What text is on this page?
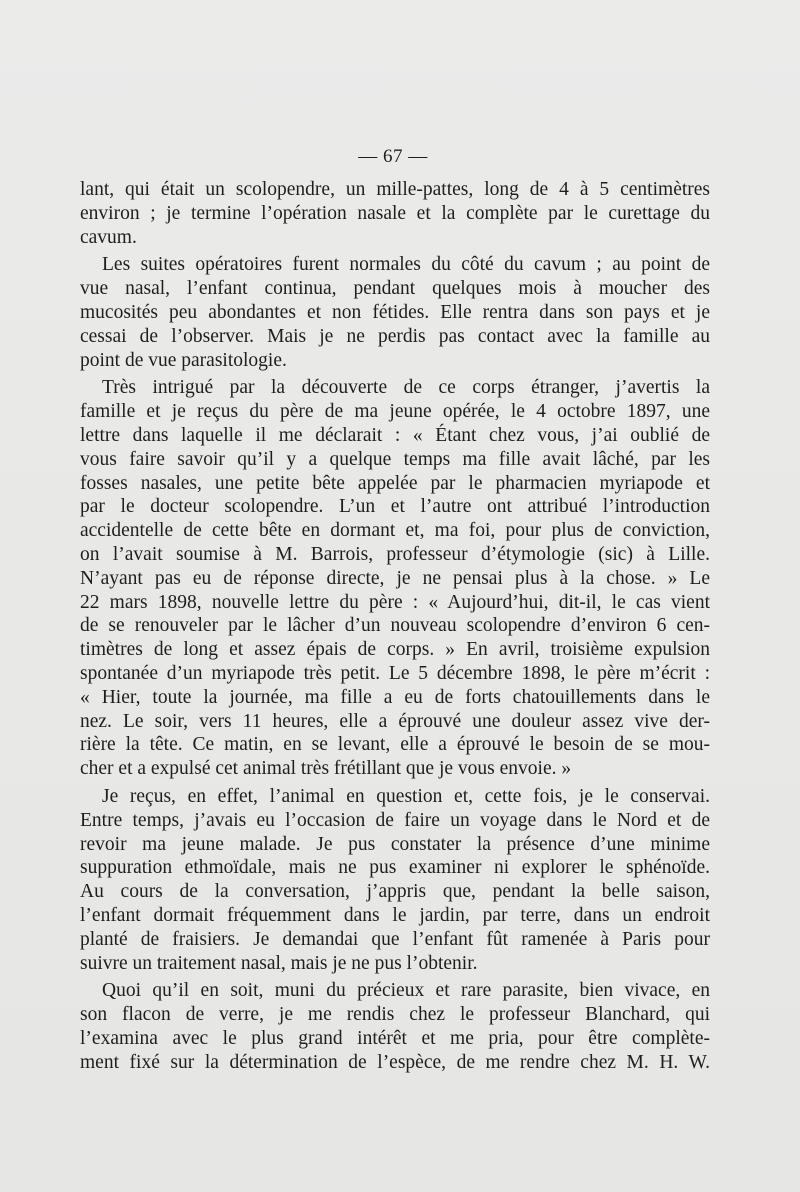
— 67 —

lant, qui était un scolopendre, un mille-pattes, long de 4 à 5 centimètres
environ ; je termine l’opération nasale et la complète par le curettage du
cavum.

Les suites opératoires furent normales du côté du cavum ; au point de
vue nasal, l’enfant continua, pendant quelques mois à moucher des
mucosités peu abondantes et non fétides. Elle rentra dans son pays et je
cessai de l’observer. Mais je ne perdis pas contact avec la famille au
point de vue parasitologie.

Très intrigué par la découverte de ce corps étranger, j’avertis la
famille et je reçus du père de ma jeune opérée, le 4 octobre 1897, une
lettre dans laquelle il me déclarait : « Étant chez vous, j’ai oublié de
vous faire savoir qu’il y a quelque temps ma fille avait lâché, par les
fosses nasales, une petite bête appelée par le pharmacien myriapode et
par le docteur scolopendre. L’un et l’autre ont attribué l’introduction
accidentelle de cette bête en dormant et, ma foi, pour plus de conviction,
on l’avait soumise à M. Barrois, professeur d’étymologie (sic) à Lille.
N’ayant pas eu de réponse directe, je ne pensai plus à la chose. » Le
22 mars 1898, nouvelle lettre du père : « Aujourd’hui, dit-il, le cas vient
de se renouveler par le lâcher d’un nouveau scolopendre d’environ 6 cen-
timètres de long et assez épais de corps. » En avril, troisième expulsion
spontanée d’un myriapode très petit. Le 5 décembre 1898, le père m’écrit :
« Hier, toute la journée, ma fille a eu de forts chatouillements dans le
nez. Le soir, vers 11 heures, elle a éprouvé une douleur assez vive der-
rière la tête. Ce matin, en se levant, elle a éprouvé le besoin de se mou-
cher et a expulsé cet animal très frétillant que je vous envoie. »

Je reçus, en effet, l’animal en question et, cette fois, je le conservai.
Entre temps, j’avais eu l’occasion de faire un voyage dans le Nord et de
revoir ma jeune malade. Je pus constater la présence d’une minime
suppuration ethmoïdale, mais ne pus examiner ni explorer le sphénoïde.
Au cours de la conversation, j’appris que, pendant la belle saison,
l’enfant dormait fréquemment dans le jardin, par terre, dans un endroit
planté de fraisiers. Je demandai que l’enfant fût ramenée à Paris pour
suivre un traitement nasal, mais je ne pus l’obtenir.

Quoi qu’il en soit, muni du précieux et rare parasite, bien vivace, en
son flacon de verre, je me rendis chez le professeur Blanchard, qui
l’examina avec le plus grand intérêt et me pria, pour être complète-
ment fixé sur la détermination de l’espèce, de me rendre chez M. H. W.
